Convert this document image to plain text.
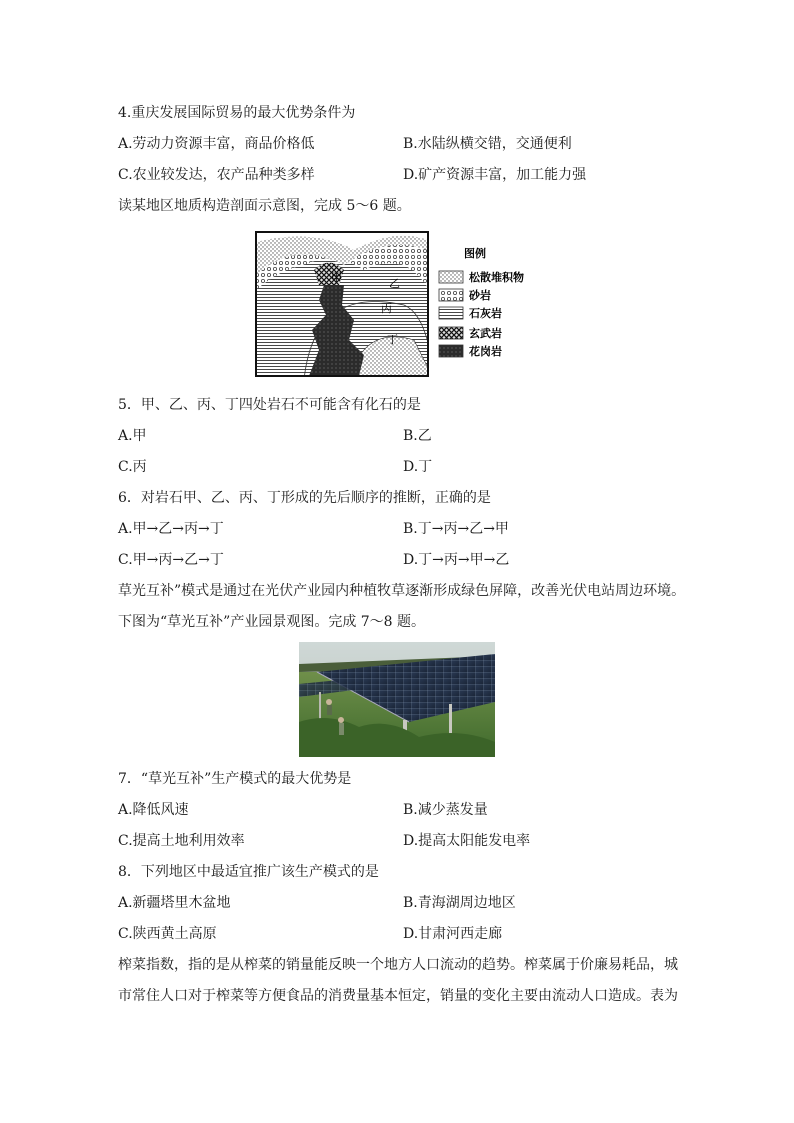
4.重庆发展国际贸易的最大优势条件为
A.劳动力资源丰富，商品价格低	B.水陆纵横交错，交通便利
C.农业较发达，农产品种类多样	D.矿产资源丰富，加工能力强
读某地区地质构造剖面示意图，完成 5～6 题。
甲	乙
丙
丁
图例
松散堆积物
砂岩
石灰岩
玄武岩
花岗岩
5．甲、乙、丙、丁四处岩石不可能含有化石的是
A.甲	B.乙
C.丙	D.丁
6．对岩石甲、乙、丙、丁形成的先后顺序的推断，正确的是
A.甲→乙→丙→丁	B.丁→丙→乙→甲
C.甲→丙→乙→丁	D.丁→丙→甲→乙
草光互补”模式是通过在光伏产业园内种植牧草逐渐形成绿色屏障，改善光伏电站周边环境。
下图为“草光互补”产业园景观图。完成 7～8 题。
7．“草光互补”生产模式的最大优势是
A.降低风速	B.减少蒸发量
C.提高土地利用效率	D.提高太阳能发电率
8．下列地区中最适宜推广该生产模式的是
A.新疆塔里木盆地	B.青海湖周边地区
C.陕西黄土高原	D.甘肃河西走廊
榨菜指数，指的是从榨菜的销量能反映一个地方人口流动的趋势。榨菜属于价廉易耗品，城
市常住人口对于榨菜等方便食品的消费量基本恒定，销量的变化主要由流动人口造成。表为
